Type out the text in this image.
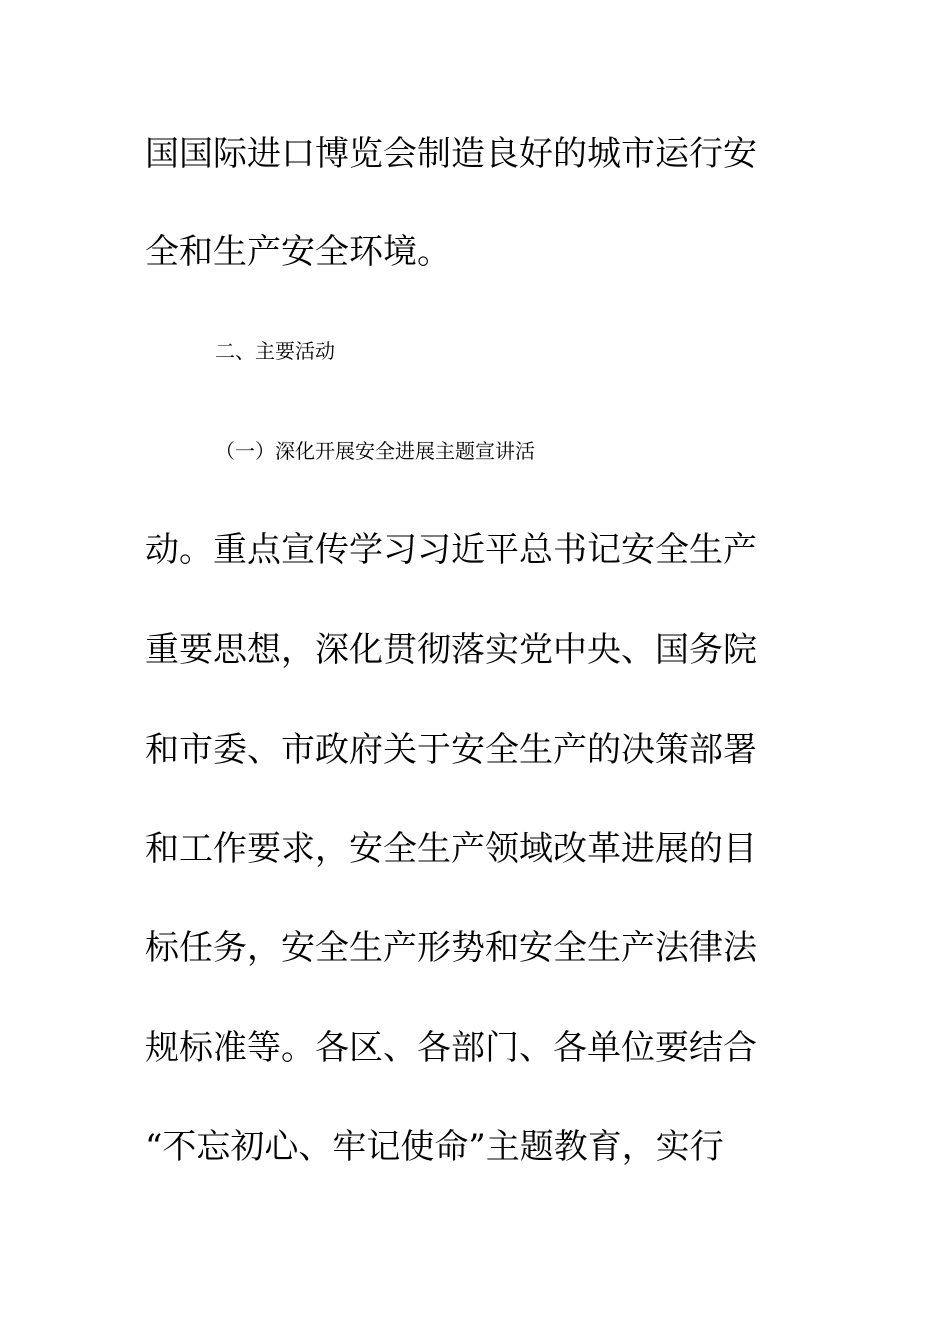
国国际进口博览会制造良好的城市运行安
全和生产安全环境。
二、主要活动
（一）深化开展安全进展主题宣讲活
动。重点宣传学习习近平总书记安全生产
重要思想，深化贯彻落实党中央、国务院
和市委、市政府关于安全生产的决策部署
和工作要求，安全生产领域改革进展的目
标任务，安全生产形势和安全生产法律法
规标准等。各区、各部门、各单位要结合
“不忘初心、牢记使命”主题教育，实行
